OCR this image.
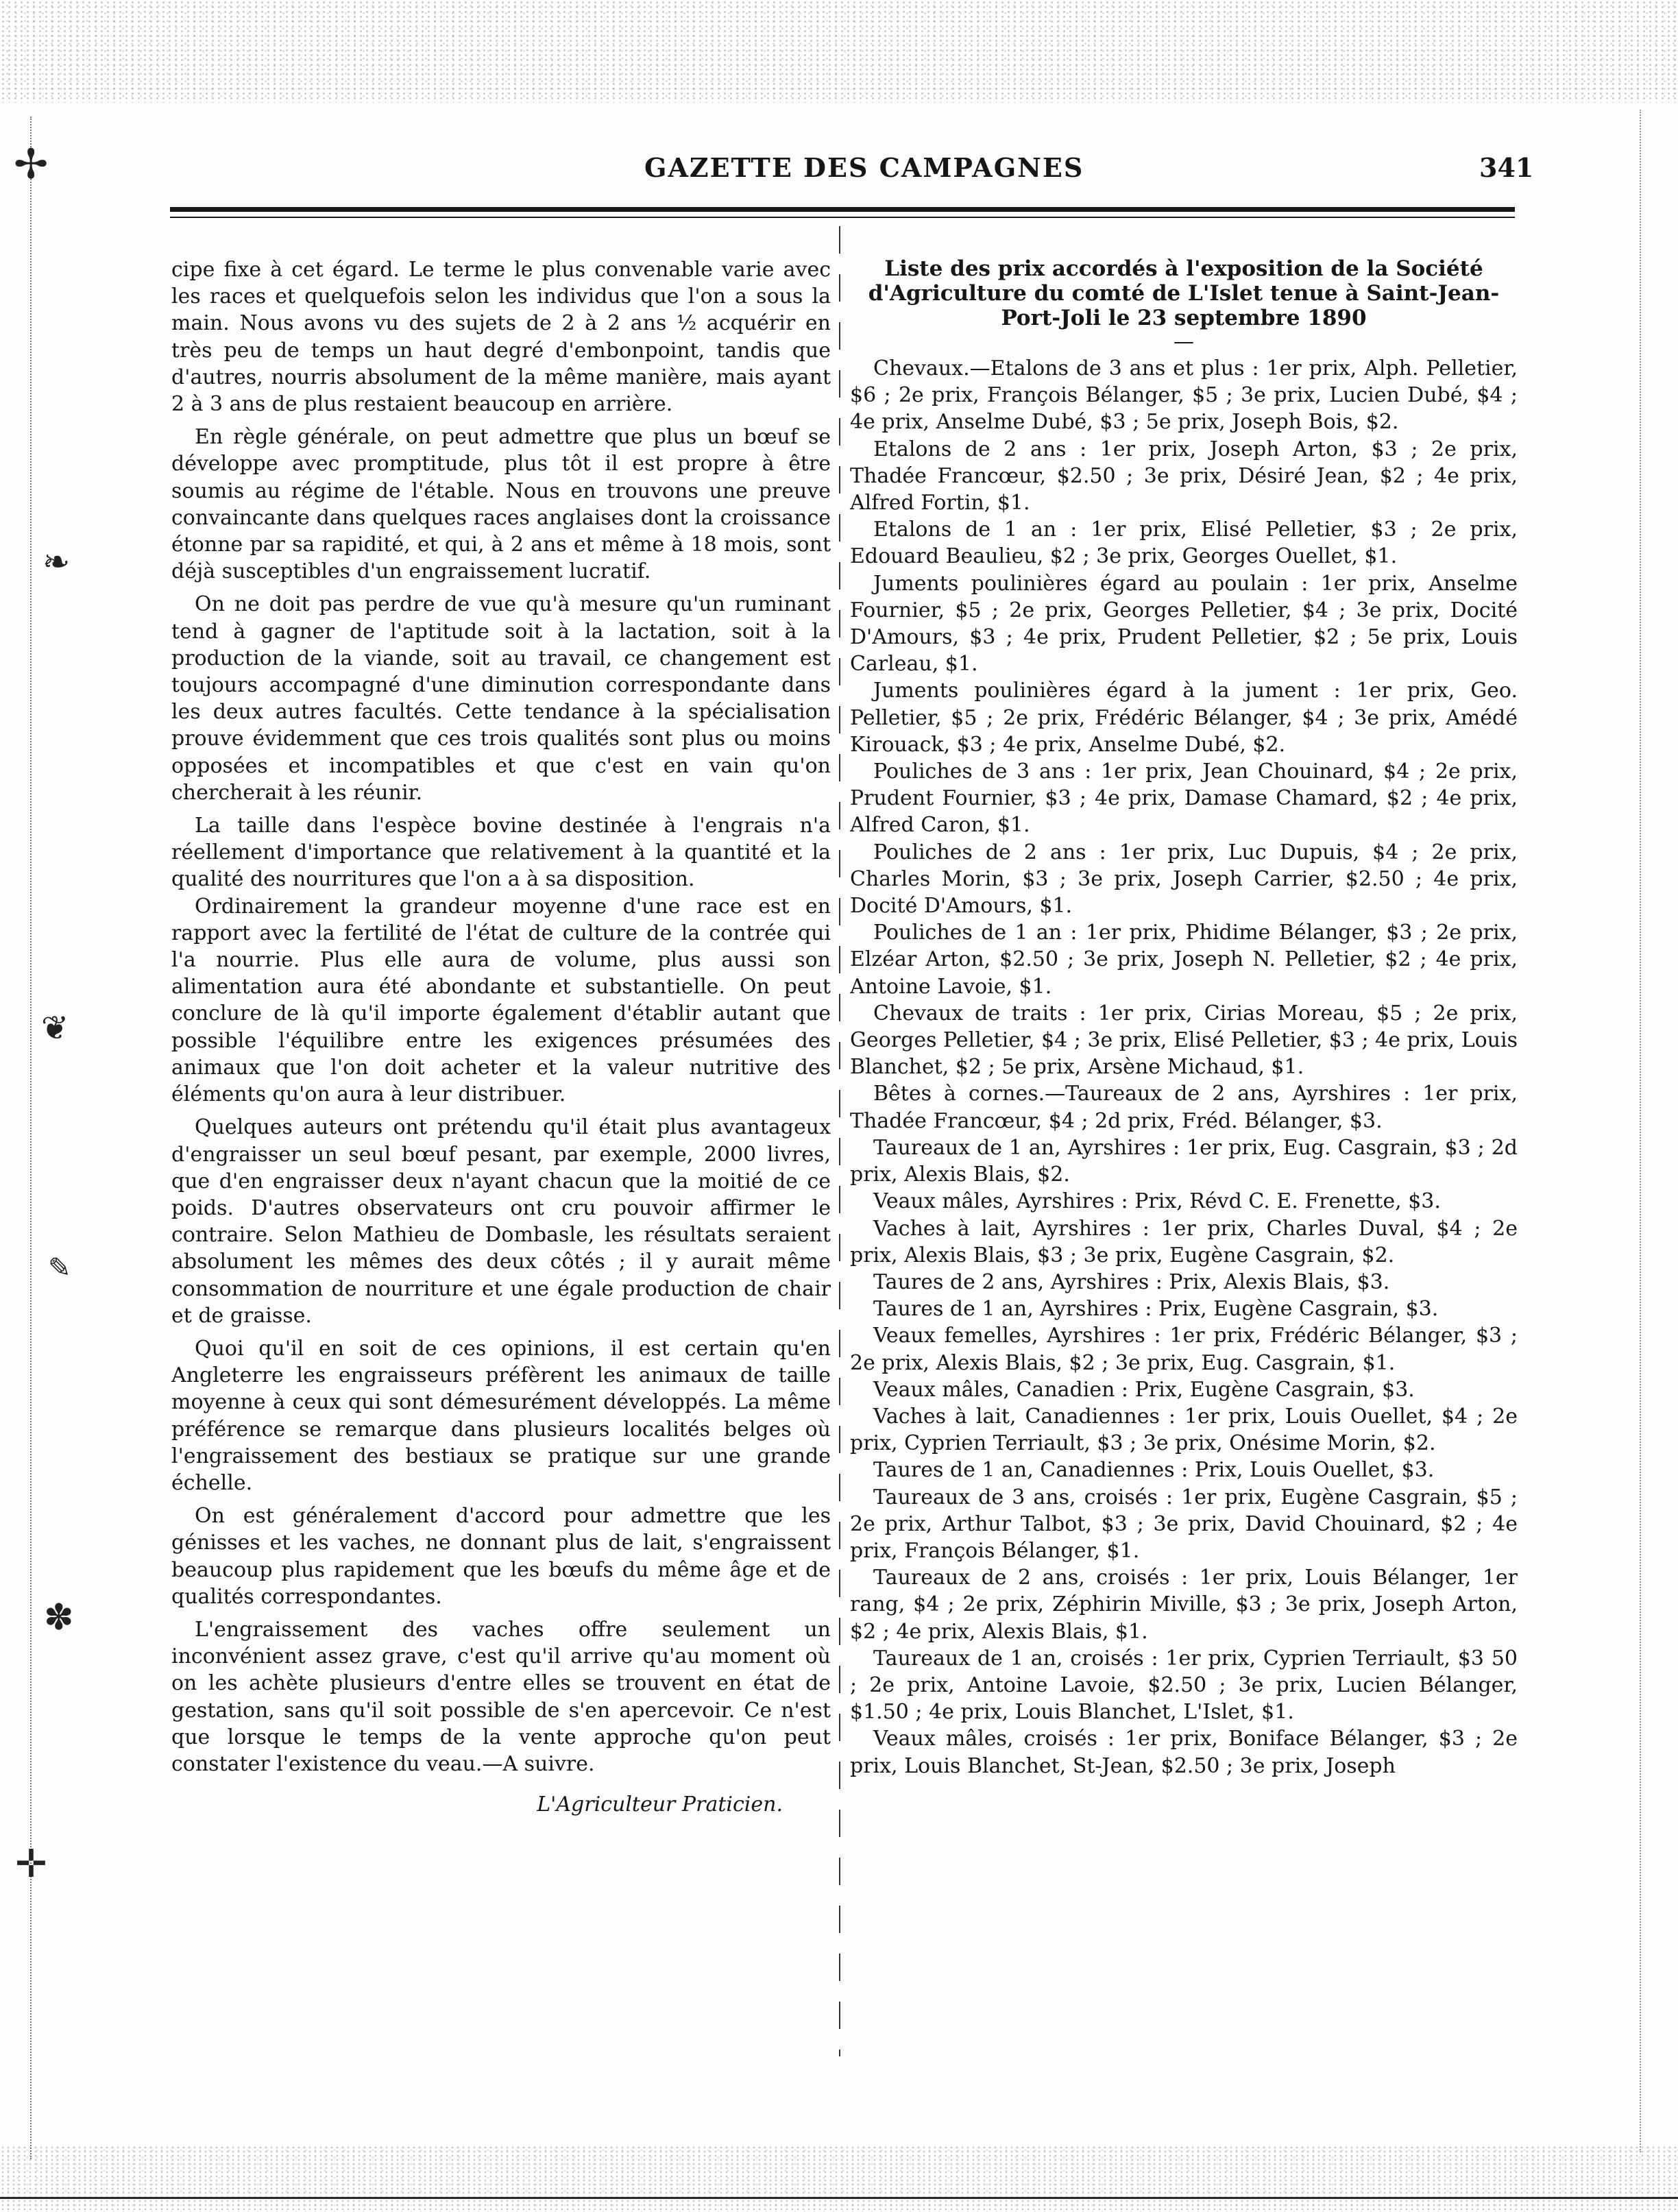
✢
❧
❦
✎
✽
✛
GAZETTE DES CAMPAGNES	341

cipe fixe à cet égard. Le terme le plus convenable varie avec les races et quelquefois selon les individus que l'on a sous la main. Nous avons vu des sujets de 2 à 2 ans ½ acquérir en très peu de temps un haut degré d'embonpoint, tandis que d'autres, nourris absolument de la même manière, mais ayant 2 à 3 ans de plus restaient beaucoup en arrière.

En règle générale, on peut admettre que plus un bœuf se développe avec promptitude, plus tôt il est propre à être soumis au régime de l'étable. Nous en trouvons une preuve convaincante dans quelques races anglaises dont la croissance étonne par sa rapidité, et qui, à 2 ans et même à 18 mois, sont déjà susceptibles d'un engraissement lucratif.

On ne doit pas perdre de vue qu'à mesure qu'un ruminant tend à gagner de l'aptitude soit à la lactation, soit à la production de la viande, soit au travail, ce changement est toujours accompagné d'une diminution correspondante dans les deux autres facultés. Cette tendance à la spécialisation prouve évidemment que ces trois qualités sont plus ou moins opposées et incompatibles et que c'est en vain qu'on chercherait à les réunir.

La taille dans l'espèce bovine destinée à l'engrais n'a réellement d'importance que relativement à la quantité et la qualité des nourritures que l'on a à sa disposition.

Ordinairement la grandeur moyenne d'une race est en rapport avec la fertilité de l'état de culture de la contrée qui l'a nourrie. Plus elle aura de volume, plus aussi son alimentation aura été abondante et substantielle. On peut conclure de là qu'il importe également d'établir autant que possible l'équilibre entre les exigences présumées des animaux que l'on doit acheter et la valeur nutritive des éléments qu'on aura à leur distribuer.

Quelques auteurs ont prétendu qu'il était plus avantageux d'engraisser un seul bœuf pesant, par exemple, 2000 livres, que d'en engraisser deux n'ayant chacun que la moitié de ce poids. D'autres observateurs ont cru pouvoir affirmer le contraire. Selon Mathieu de Dombasle, les résultats seraient absolument les mêmes des deux côtés ; il y aurait même consommation de nourriture et une égale production de chair et de graisse.

Quoi qu'il en soit de ces opinions, il est certain qu'en Angleterre les engraisseurs préfèrent les animaux de taille moyenne à ceux qui sont démesurément développés. La même préférence se remarque dans plusieurs localités belges où l'engraissement des bestiaux se pratique sur une grande échelle.

On est généralement d'accord pour admettre que les génisses et les vaches, ne donnant plus de lait, s'engraissent beaucoup plus rapidement que les bœufs du même âge et de qualités correspondantes.

L'engraissement des vaches offre seulement un inconvénient assez grave, c'est qu'il arrive qu'au moment où on les achète plusieurs d'entre elles se trouvent en état de gestation, sans qu'il soit possible de s'en apercevoir. Ce n'est que lorsque le temps de la vente approche qu'on peut constater l'existence du veau.—A suivre.

L'Agriculteur Praticien.

Liste des prix accordés à l'exposition de la Société d'Agriculture du comté de L'Islet tenue à Saint-Jean-Port-Joli le 23 septembre 1890

—

Chevaux.—Etalons de 3 ans et plus : 1er prix, Alph. Pelletier, $6 ; 2e prix, François Bélanger, $5 ; 3e prix, Lucien Dubé, $4 ; 4e prix, Anselme Dubé, $3 ; 5e prix, Joseph Bois, $2.

Etalons de 2 ans : 1er prix, Joseph Arton, $3 ; 2e prix, Thadée Francœur, $2.50 ; 3e prix, Désiré Jean, $2 ; 4e prix, Alfred Fortin, $1.

Etalons de 1 an : 1er prix, Elisé Pelletier, $3 ; 2e prix, Edouard Beaulieu, $2 ; 3e prix, Georges Ouellet, $1.

Juments poulinières égard au poulain : 1er prix, Anselme Fournier, $5 ; 2e prix, Georges Pelletier, $4 ; 3e prix, Docité D'Amours, $3 ; 4e prix, Prudent Pelletier, $2 ; 5e prix, Louis Carleau, $1.

Juments poulinières égard à la jument : 1er prix, Geo. Pelletier, $5 ; 2e prix, Frédéric Bélanger, $4 ; 3e prix, Amédé Kirouack, $3 ; 4e prix, Anselme Dubé, $2.

Pouliches de 3 ans : 1er prix, Jean Chouinard, $4 ; 2e prix, Prudent Fournier, $3 ; 4e prix, Damase Chamard, $2 ; 4e prix, Alfred Caron, $1.

Pouliches de 2 ans : 1er prix, Luc Dupuis, $4 ; 2e prix, Charles Morin, $3 ; 3e prix, Joseph Carrier, $2.50 ; 4e prix, Docité D'Amours, $1.

Pouliches de 1 an : 1er prix, Phidime Bélanger, $3 ; 2e prix, Elzéar Arton, $2.50 ; 3e prix, Joseph N. Pelletier, $2 ; 4e prix, Antoine Lavoie, $1.

Chevaux de traits : 1er prix, Cirias Moreau, $5 ; 2e prix, Georges Pelletier, $4 ; 3e prix, Elisé Pelletier, $3 ; 4e prix, Louis Blanchet, $2 ; 5e prix, Arsène Michaud, $1.

Bêtes à cornes.—Taureaux de 2 ans, Ayrshires : 1er prix, Thadée Francœur, $4 ; 2d prix, Fréd. Bélanger, $3.

Taureaux de 1 an, Ayrshires : 1er prix, Eug. Casgrain, $3 ; 2d prix, Alexis Blais, $2.

Veaux mâles, Ayrshires : Prix, Révd C. E. Frenette, $3.

Vaches à lait, Ayrshires : 1er prix, Charles Duval, $4 ; 2e prix, Alexis Blais, $3 ; 3e prix, Eugène Casgrain, $2.

Taures de 2 ans, Ayrshires : Prix, Alexis Blais, $3.

Taures de 1 an, Ayrshires : Prix, Eugène Casgrain, $3.

Veaux femelles, Ayrshires : 1er prix, Frédéric Bélanger, $3 ; 2e prix, Alexis Blais, $2 ; 3e prix, Eug. Casgrain, $1.

Veaux mâles, Canadien : Prix, Eugène Casgrain, $3.

Vaches à lait, Canadiennes : 1er prix, Louis Ouellet, $4 ; 2e prix, Cyprien Terriault, $3 ; 3e prix, Onésime Morin, $2.

Taures de 1 an, Canadiennes : Prix, Louis Ouellet, $3.

Taureaux de 3 ans, croisés : 1er prix, Eugène Casgrain, $5 ; 2e prix, Arthur Talbot, $3 ; 3e prix, David Chouinard, $2 ; 4e prix, François Bélanger, $1.

Taureaux de 2 ans, croisés : 1er prix, Louis Bélanger, 1er rang, $4 ; 2e prix, Zéphirin Miville, $3 ; 3e prix, Joseph Arton, $2 ; 4e prix, Alexis Blais, $1.

Taureaux de 1 an, croisés : 1er prix, Cyprien Terriault, $3 50 ; 2e prix, Antoine Lavoie, $2.50 ; 3e prix, Lucien Bélanger, $1.50 ; 4e prix, Louis Blanchet, L'Islet, $1.

Veaux mâles, croisés : 1er prix, Boniface Bélanger, $3 ; 2e prix, Louis Blanchet, St-Jean, $2.50 ; 3e prix, Joseph
